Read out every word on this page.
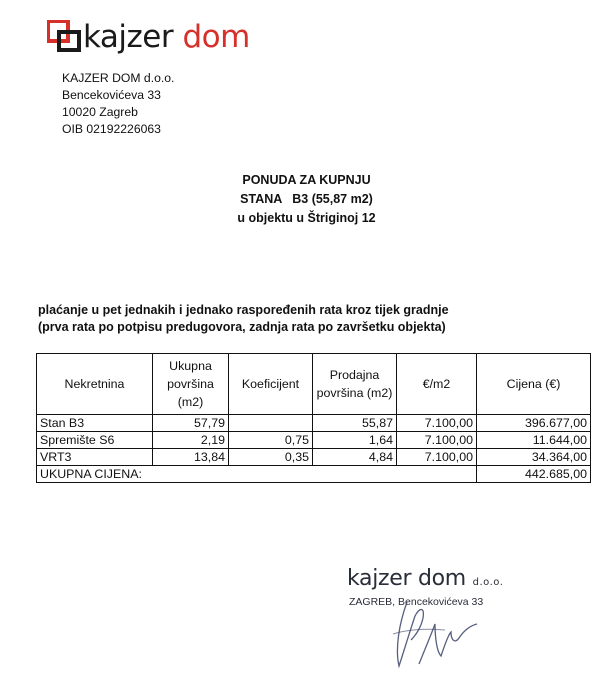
kajzer dom
KAJZER DOM d.o.o.
Bencekovićeva 33
10020 Zagreb
OIB 02192226063
PONUDA ZA KUPNJU
STANA   B3 (55,87 m2)
u objektu u Štriginoj 12
plaćanje u pet jednakih i jednako raspoređenih rata kroz tijek gradnje
(prva rata po potpisu predugovora, zadnja rata po završetku objekta)
Nekretnina	Ukupna površina (m2)	Koeficijent	Prodajna površina (m2)	€/m2	Cijena (€)
Stan B3	57,79		55,87	7.100,00	396.677,00
Spremište S6	2,19	0,75	1,64	7.100,00	11.644,00
VRT3	13,84	0,35	4,84	7.100,00	34.364,00
UKUPNA CIJENA:					442.685,00
kajzer dom d.o.o.
ZAGREB, Bencekovićeva 33
